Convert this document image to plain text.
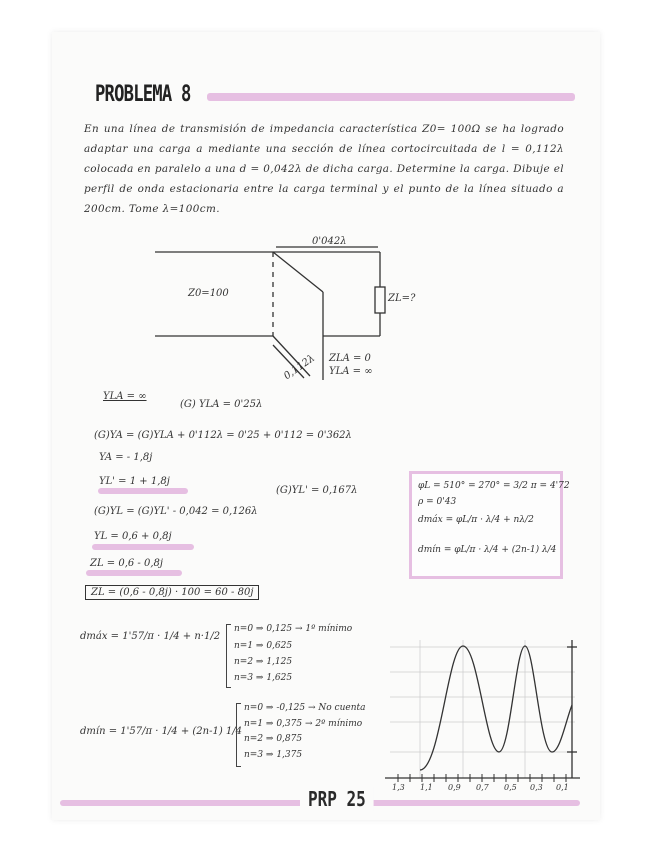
PROBLEMA 8
En una línea de transmisión de impedancia característica Z0= 100Ω se ha logrado adaptar una carga a mediante una sección de línea cortocircuitada de l = 0,112λ colocada en paralelo a una d = 0,042λ de dicha carga. Determine la carga. Dibuje el perfil de onda estacionaria entre la carga terminal y el punto de la línea situado a 200cm. Tome λ=100cm.
0'042λ
Z0=100	ZL=?
0,112λ ZLA = 0
YLA = ∞
YLA = ∞
(G) YLA = 0'25λ
(G)YA = (G)YLA + 0'112λ = 0'25 + 0'112 = 0'362λ
YA = - 1,8j
YL' = 1 + 1,8j
(G)YL' = 0,167λ
(G)YL = (G)YL' - 0,042 = 0,126λ
YL = 0,6 + 0,8j
ZL = 0,6 - 0,8j
ZL = (0,6 - 0,8j) · 100 = 60 - 80j
φL = 510° = 270° = 3/2 π = 4'72
ρ = 0'43
dmáx = φL/π · λ/4 + nλ/2
dmín = φL/π · λ/4 + (2n-1) λ/4
dmáx = 1'57/π · 1/4 + n·1/2
n=0 ⇒ 0,125 → 1º mínimo
n=1 ⇒ 0,625
n=2 ⇒ 1,125
n=3 ⇒ 1,625
dmín = 1'57/π · 1/4 + (2n-1) 1/4
n=0 ⇒ -0,125 → No cuenta
n=1 ⇒ 0,375 → 2º mínimo
n=2 ⇒ 0,875
n=3 ⇒ 1,375
1,3 1,1 0,9 0,7 0,5 0,3 0,1
PRP 25
